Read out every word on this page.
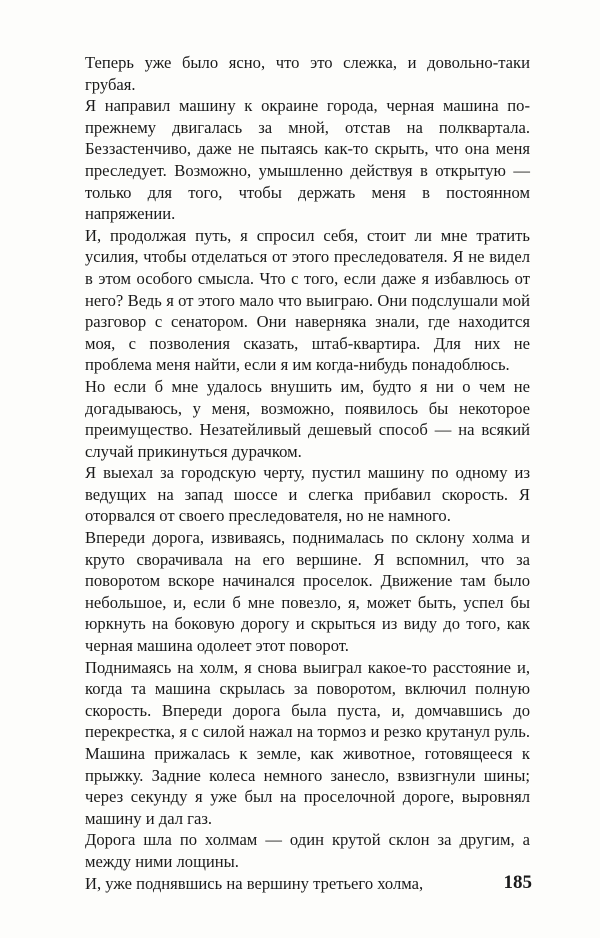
Теперь уже было ясно, что это слежка, и довольно-таки грубая.

Я направил машину к окраине города, черная машина по-прежнему двигалась за мной, отстав на полквартала. Беззастенчиво, даже не пытаясь как-то скрыть, что она меня преследует. Возможно, умышленно действуя в открытую — только для того, чтобы держать меня в постоянном напряжении.

И, продолжая путь, я спросил себя, стоит ли мне тратить усилия, чтобы отделаться от этого преследователя. Я не видел в этом особого смысла. Что с того, если даже я избавлюсь от него? Ведь я от этого мало что выиграю. Они подслушали мой разговор с сенатором. Они наверняка знали, где находится моя, с позволения сказать, штаб-квартира. Для них не проблема меня найти, если я им когда-нибудь понадоблюсь.

Но если б мне удалось внушить им, будто я ни о чем не догадываюсь, у меня, возможно, появилось бы некоторое преимущество. Незатейливый дешевый способ — на всякий случай прикинуться дурачком.

Я выехал за городскую черту, пустил машину по одному из ведущих на запад шоссе и слегка прибавил скорость. Я оторвался от своего преследователя, но не намного.

Впереди дорога, извиваясь, поднималась по склону холма и круто сворачивала на его вершине. Я вспомнил, что за поворотом вскоре начинался проселок. Движение там было небольшое, и, если б мне повезло, я, может быть, успел бы юркнуть на боковую дорогу и скрыться из виду до того, как черная машина одолеет этот поворот.

Поднимаясь на холм, я снова выиграл какое-то расстояние и, когда та машина скрылась за поворотом, включил полную скорость. Впереди дорога была пуста, и, домчавшись до перекрестка, я с силой нажал на тормоз и резко крутанул руль. Машина прижалась к земле, как животное, готовящееся к прыжку. Задние колеса немного занесло, взвизгнули шины; через секунду я уже был на проселочной дороге, выровнял машину и дал газ.

Дорога шла по холмам — один крутой склон за другим, а между ними лощины.

И, уже поднявшись на вершину третьего холма,	185
